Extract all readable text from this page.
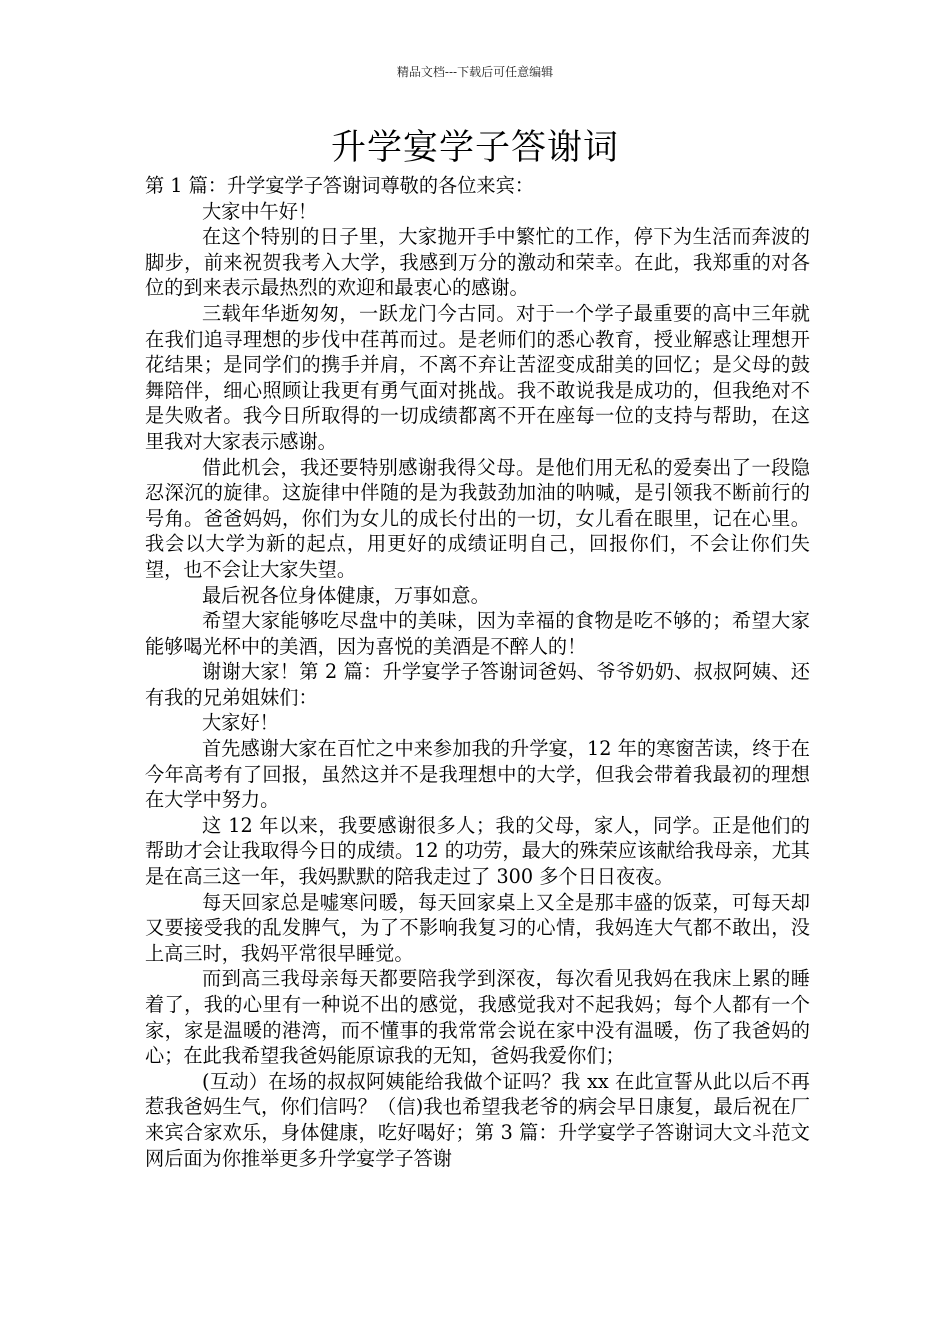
精品文档---下载后可任意编辑
升学宴学子答谢词

第 1 篇：升学宴学子答谢词尊敬的各位来宾：

大家中午好！

在这个特别的日子里，大家抛开手中繁忙的工作，停下为生活而奔波的脚步，前来祝贺我考入大学，我感到万分的激动和荣幸。在此，我郑重的对各位的到来表示最热烈的欢迎和最衷心的感谢。

三载年华逝匆匆，一跃龙门今古同。对于一个学子最重要的高中三年就在我们追寻理想的步伐中荏苒而过。是老师们的悉心教育，授业解惑让理想开花结果；是同学们的携手并肩，不离不弃让苦涩变成甜美的回忆；是父母的鼓舞陪伴，细心照顾让我更有勇气面对挑战。我不敢说我是成功的，但我绝对不是失败者。我今日所取得的一切成绩都离不开在座每一位的支持与帮助，在这里我对大家表示感谢。

借此机会，我还要特别感谢我得父母。是他们用无私的爱奏出了一段隐忍深沉的旋律。这旋律中伴随的是为我鼓劲加油的呐喊，是引领我不断前行的号角。爸爸妈妈，你们为女儿的成长付出的一切，女儿看在眼里，记在心里。我会以大学为新的起点，用更好的成绩证明自己，回报你们，不会让你们失望，也不会让大家失望。

最后祝各位身体健康，万事如意。

希望大家能够吃尽盘中的美味，因为幸福的食物是吃不够的；希望大家能够喝光杯中的美酒，因为喜悦的美酒是不醉人的！

谢谢大家！第 2 篇：升学宴学子答谢词爸妈、爷爷奶奶、叔叔阿姨、还有我的兄弟姐妹们：

大家好！

首先感谢大家在百忙之中来参加我的升学宴，12 年的寒窗苦读，终于在今年高考有了回报，虽然这并不是我理想中的大学，但我会带着我最初的理想在大学中努力。

这 12 年以来，我要感谢很多人；我的父母，家人，同学。正是他们的帮助才会让我取得今日的成绩。12 的功劳，最大的殊荣应该献给我母亲，尤其是在高三这一年，我妈默默的陪我走过了 300 多个日日夜夜。

每天回家总是嘘寒问暖，每天回家桌上又全是那丰盛的饭菜，可每天却又要接受我的乱发脾气，为了不影响我复习的心情，我妈连大气都不敢出，没上高三时，我妈平常很早睡觉。

而到高三我母亲每天都要陪我学到深夜，每次看见我妈在我床上累的睡着了，我的心里有一种说不出的感觉，我感觉我对不起我妈；每个人都有一个家，家是温暖的港湾，而不懂事的我常常会说在家中没有温暖，伤了我爸妈的心；在此我希望我爸妈能原谅我的无知，爸妈我爱你们；

(互动）在场的叔叔阿姨能给我做个证吗？我 xx 在此宣誓从此以后不再惹我爸妈生气，你们信吗？（信)我也希望我老爷的病会早日康复，最后祝在厂来宾合家欢乐，身体健康，吃好喝好；第 3 篇：升学宴学子答谢词大文斗范文网后面为你推举更多升学宴学子答谢
